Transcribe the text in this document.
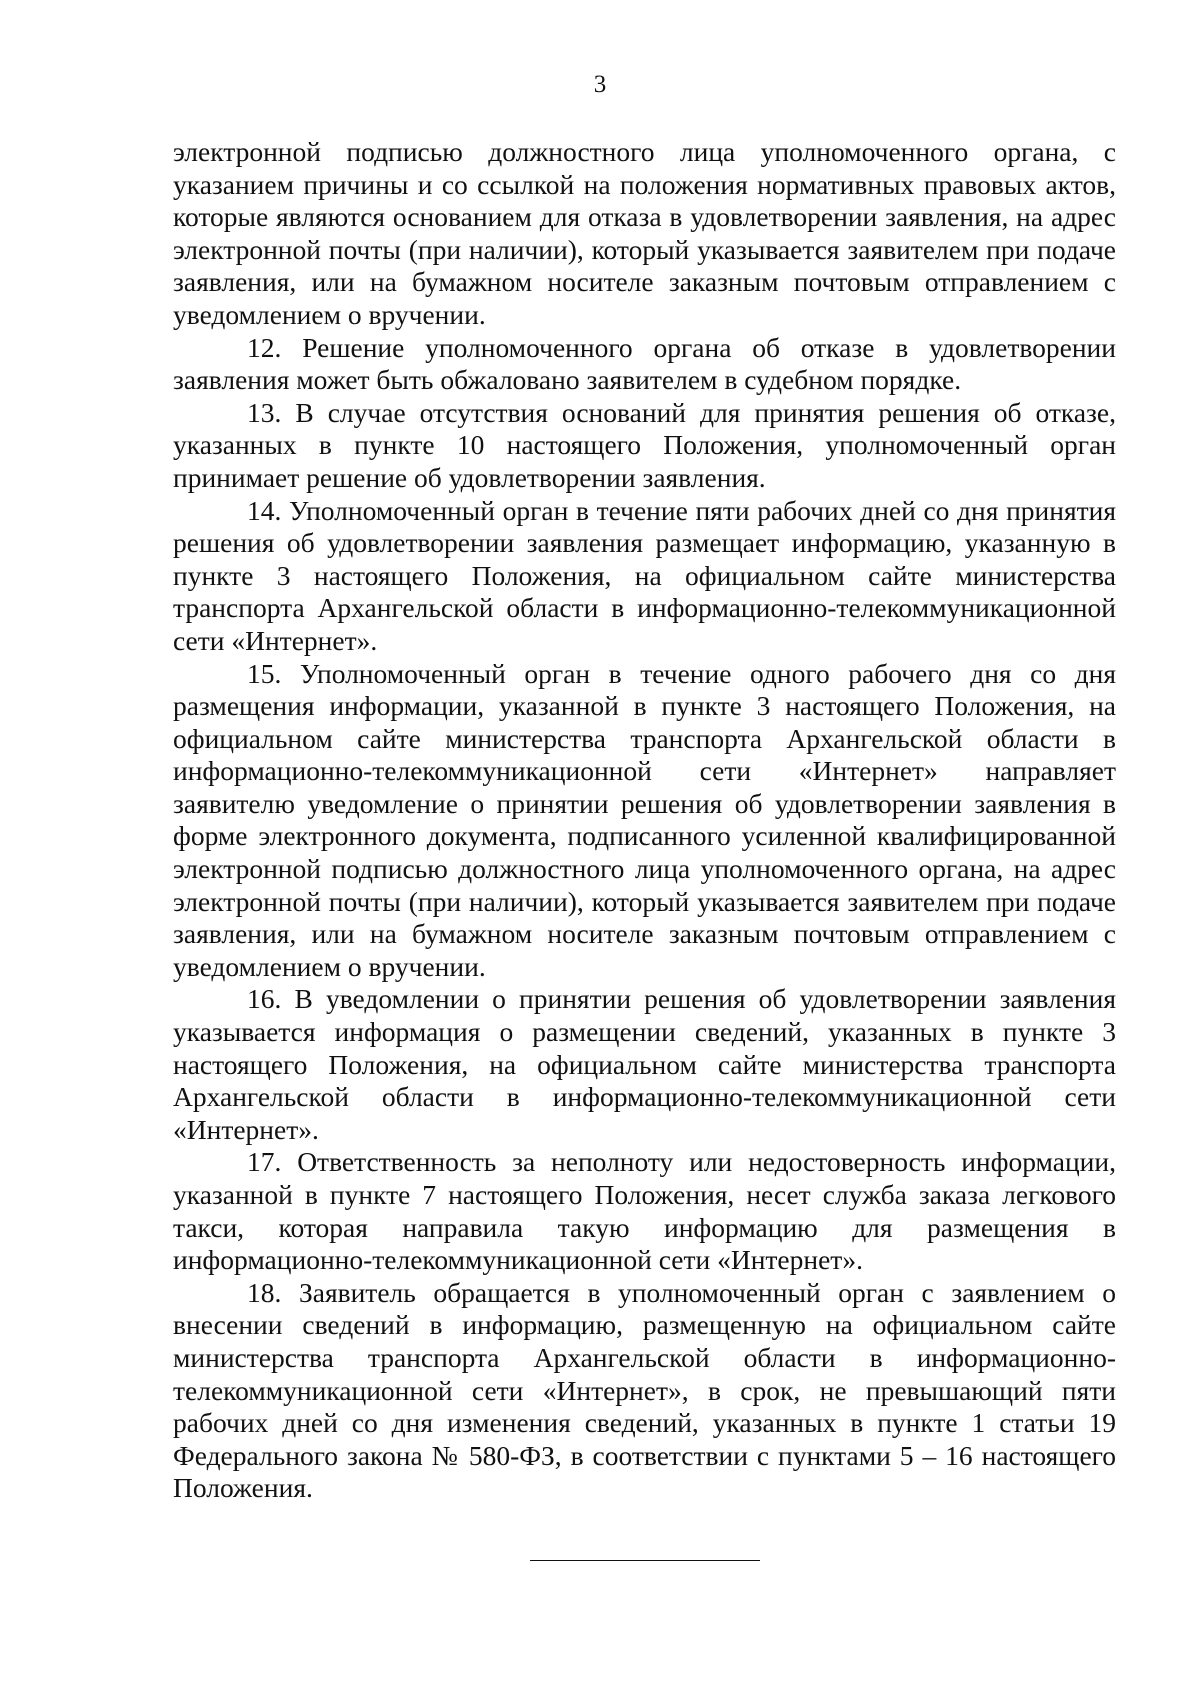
3

электронной подписью должностного лица уполномоченного органа, с указанием причины и со ссылкой на положения нормативных правовых актов, которые являются основанием для отказа в удовлетворении заявления, на адрес электронной почты (при наличии), который указывается заявителем при подаче заявления, или на бумажном носителе заказным почтовым отправлением с уведомлением о вручении.

12. Решение уполномоченного органа об отказе в удовлетворении заявления может быть обжаловано заявителем в судебном порядке.

13. В случае отсутствия оснований для принятия решения об отказе, указанных в пункте 10 настоящего Положения, уполномоченный орган принимает решение об удовлетворении заявления.

14. Уполномоченный орган в течение пяти рабочих дней со дня принятия решения об удовлетворении заявления размещает информацию, указанную в пункте 3 настоящего Положения, на официальном сайте министерства транспорта Архангельской области в информационно-телекоммуникационной сети «Интернет».

15. Уполномоченный орган в течение одного рабочего дня со дня размещения информации, указанной в пункте 3 настоящего Положения, на официальном сайте министерства транспорта Архангельской области в информационно-телекоммуникационной сети «Интернет» направляет заявителю уведомление о принятии решения об удовлетворении заявления в форме электронного документа, подписанного усиленной квалифицированной электронной подписью должностного лица уполномоченного органа, на адрес электронной почты (при наличии), который указывается заявителем при подаче заявления, или на бумажном носителе заказным почтовым отправлением с уведомлением о вручении.

16. В уведомлении о принятии решения об удовлетворении заявления указывается информация о размещении сведений, указанных в пункте 3 настоящего Положения, на официальном сайте министерства транспорта Архангельской области в информационно-телекоммуникационной сети «Интернет».

17. Ответственность за неполноту или недостоверность информации, указанной в пункте 7 настоящего Положения, несет служба заказа легкового такси, которая направила такую информацию для размещения в информационно-телекоммуникационной сети «Интернет».

18. Заявитель обращается в уполномоченный орган с заявлением о внесении сведений в информацию, размещенную на официальном сайте министерства транспорта Архангельской области в информационно-телекоммуникационной сети «Интернет», в срок, не превышающий пяти рабочих дней со дня изменения сведений, указанных в пункте 1 статьи 19 Федерального закона № 580-ФЗ, в соответствии с пунктами 5 – 16 настоящего Положения.
